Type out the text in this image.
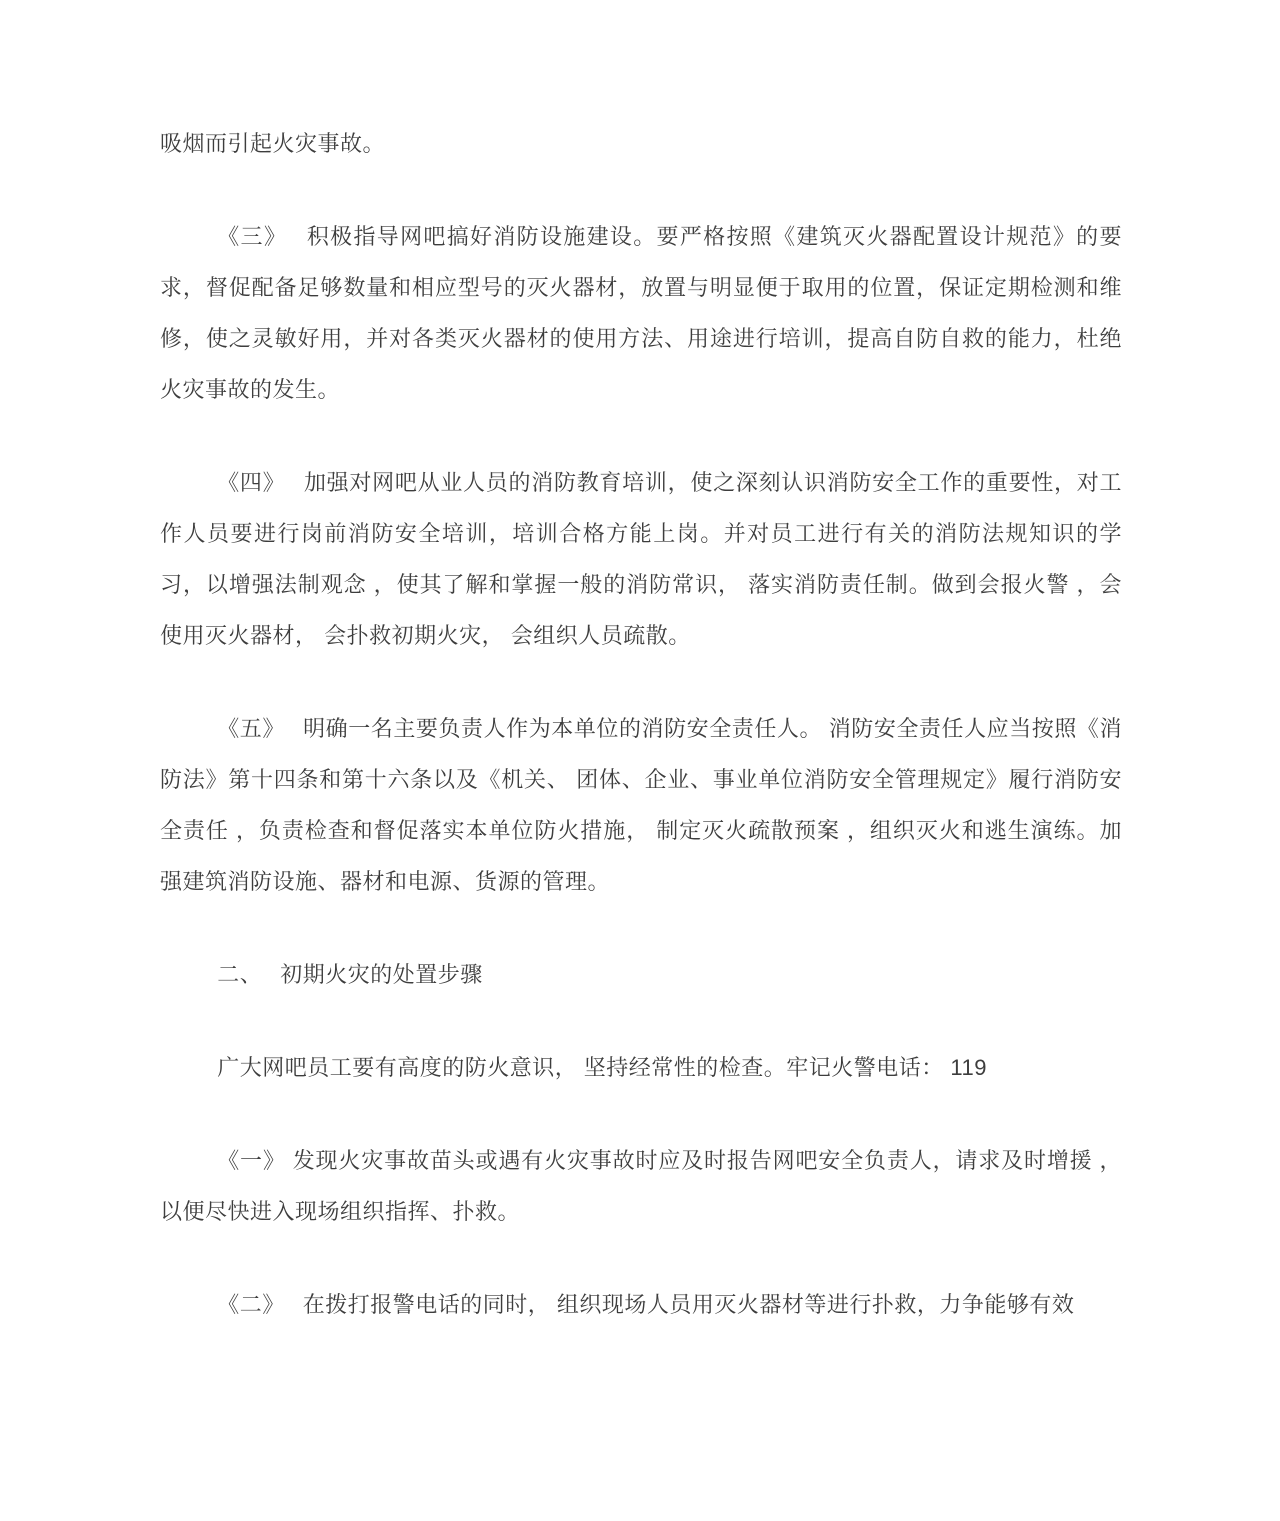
吸烟而引起火灾事故。

《三》　 积极指导网吧搞好消防设施建设。要严格按照《建筑灭火器配置设计规范》的要求，督促配备足够数量和相应型号的灭火器材，放置与明显便于取用的位置，保证定期检测和维修，使之灵敏好用，并对各类灭火器材的使用方法、用途进行培训，提高自防自救的能力，杜绝火灾事故的发生。

《四》　 加强对网吧从业人员的消防教育培训，使之深刻认识消防安全工作的重要性，对工作人员要进行岗前消防安全培训，培训合格方能上岗。并对员工进行有关的消防法规知识的学习，以增强法制观念 ，使其了解和掌握一般的消防常识， 落实消防责任制。做到会报火警 ，会使用灭火器材， 会扑救初期火灾， 会组织人员疏散。

《五》　 明确一名主要负责人作为本单位的消防安全责任人。 消防安全责任人应当按照《消防法》第十四条和第十六条以及《机关、 团体、企业、事业单位消防安全管理规定》履行消防安全责任 ，负责检查和督促落实本单位防火措施， 制定灭火疏散预案 ，组织灭火和逃生演练。加强建筑消防设施、器材和电源、货源的管理。

二、　 初期火灾的处置步骤

广大网吧员工要有高度的防火意识， 坚持经常性的检查。牢记火警电话： 119

《一》 发现火灾事故苗头或遇有火灾事故时应及时报告网吧安全负责人，请求及时增援 ，以便尽快进入现场组织指挥、扑救。

《二》　 在拨打报警电话的同时， 组织现场人员用灭火器材等进行扑救，力争能够有效
